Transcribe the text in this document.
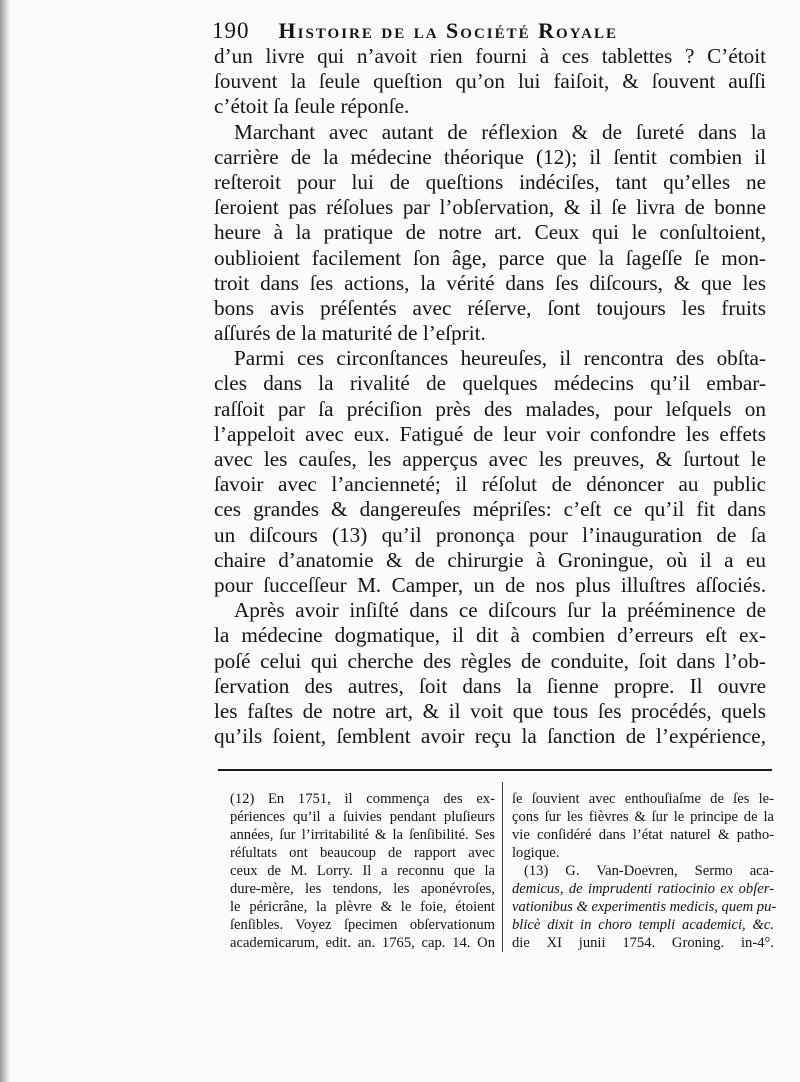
190 Histoire de la Société Royale
d’un livre qui n’avoit rien fourni à ces tablettes ? C’étoit
ſouvent la ſeule queſtion qu’on lui faiſoit, & ſouvent auſſi
c’étoit ſa ſeule réponſe.
Marchant avec autant de réflexion & de ſureté dans la
carrière de la médecine théorique (12); il ſentit combien il
reſteroit pour lui de queſtions indéciſes, tant qu’elles ne
ſeroient pas réſolues par l’obſervation, & il ſe livra de bonne
heure à la pratique de notre art. Ceux qui le conſultoient,
oublioient facilement ſon âge, parce que la ſageſſe ſe mon-
troit dans ſes actions, la vérité dans ſes diſcours, & que les
bons avis préſentés avec réſerve, ſont toujours les fruits
aſſurés de la maturité de l’eſprit.
Parmi ces circonſtances heureuſes, il rencontra des obſta-
cles dans la rivalité de quelques médecins qu’il embar-
raſſoit par ſa préciſion près des malades, pour leſquels on
l’appeloit avec eux. Fatigué de leur voir confondre les effets
avec les cauſes, les apperçus avec les preuves, & ſurtout le
ſavoir avec l’ancienneté; il réſolut de dénoncer au public
ces grandes & dangereuſes mépriſes: c’eſt ce qu’il fit dans
un diſcours (13) qu’il prononça pour l’inauguration de ſa
chaire d’anatomie & de chirurgie à Groningue, où il a eu
pour ſucceſſeur M. Camper, un de nos plus illuſtres aſſociés.
Après avoir inſiſté dans ce diſcours ſur la prééminence de
la médecine dogmatique, il dit à combien d’erreurs eſt ex-
poſé celui qui cherche des règles de conduite, ſoit dans l’ob-
ſervation des autres, ſoit dans la ſienne propre. Il ouvre
les faſtes de notre art, & il voit que tous ſes procédés, quels
qu’ils ſoient, ſemblent avoir reçu la ſanction de l’expérience,
(12) En 1751, il commença des ex-
périences qu’il a ſuivies pendant pluſieurs
années, ſur l’irritabilité & la ſenſibilité. Ses
réſultats ont beaucoup de rapport avec
ceux de M. Lorry. Il a reconnu que la
dure-mère, les tendons, les aponévroſes,
le péricrâne, la plèvre & le foie, étoient
ſenſibles. Voyez ſpecimen obſervationum
academicarum, edit. an. 1765, cap. 14. On
ſe ſouvient avec enthouſiaſme de ſes le-
çons ſur les fièvres & ſur le principe de la
vie conſidéré dans l’état naturel & patho-
logique.
(13) G. Van-Doevren, Sermo aca-
demicus, de imprudenti ratiocinio ex obſer-
vationibus & experimentis medicis, quem pu-
blicè dixit in choro templi academici, &c.
die XI junii 1754. Groning. in-4°.
